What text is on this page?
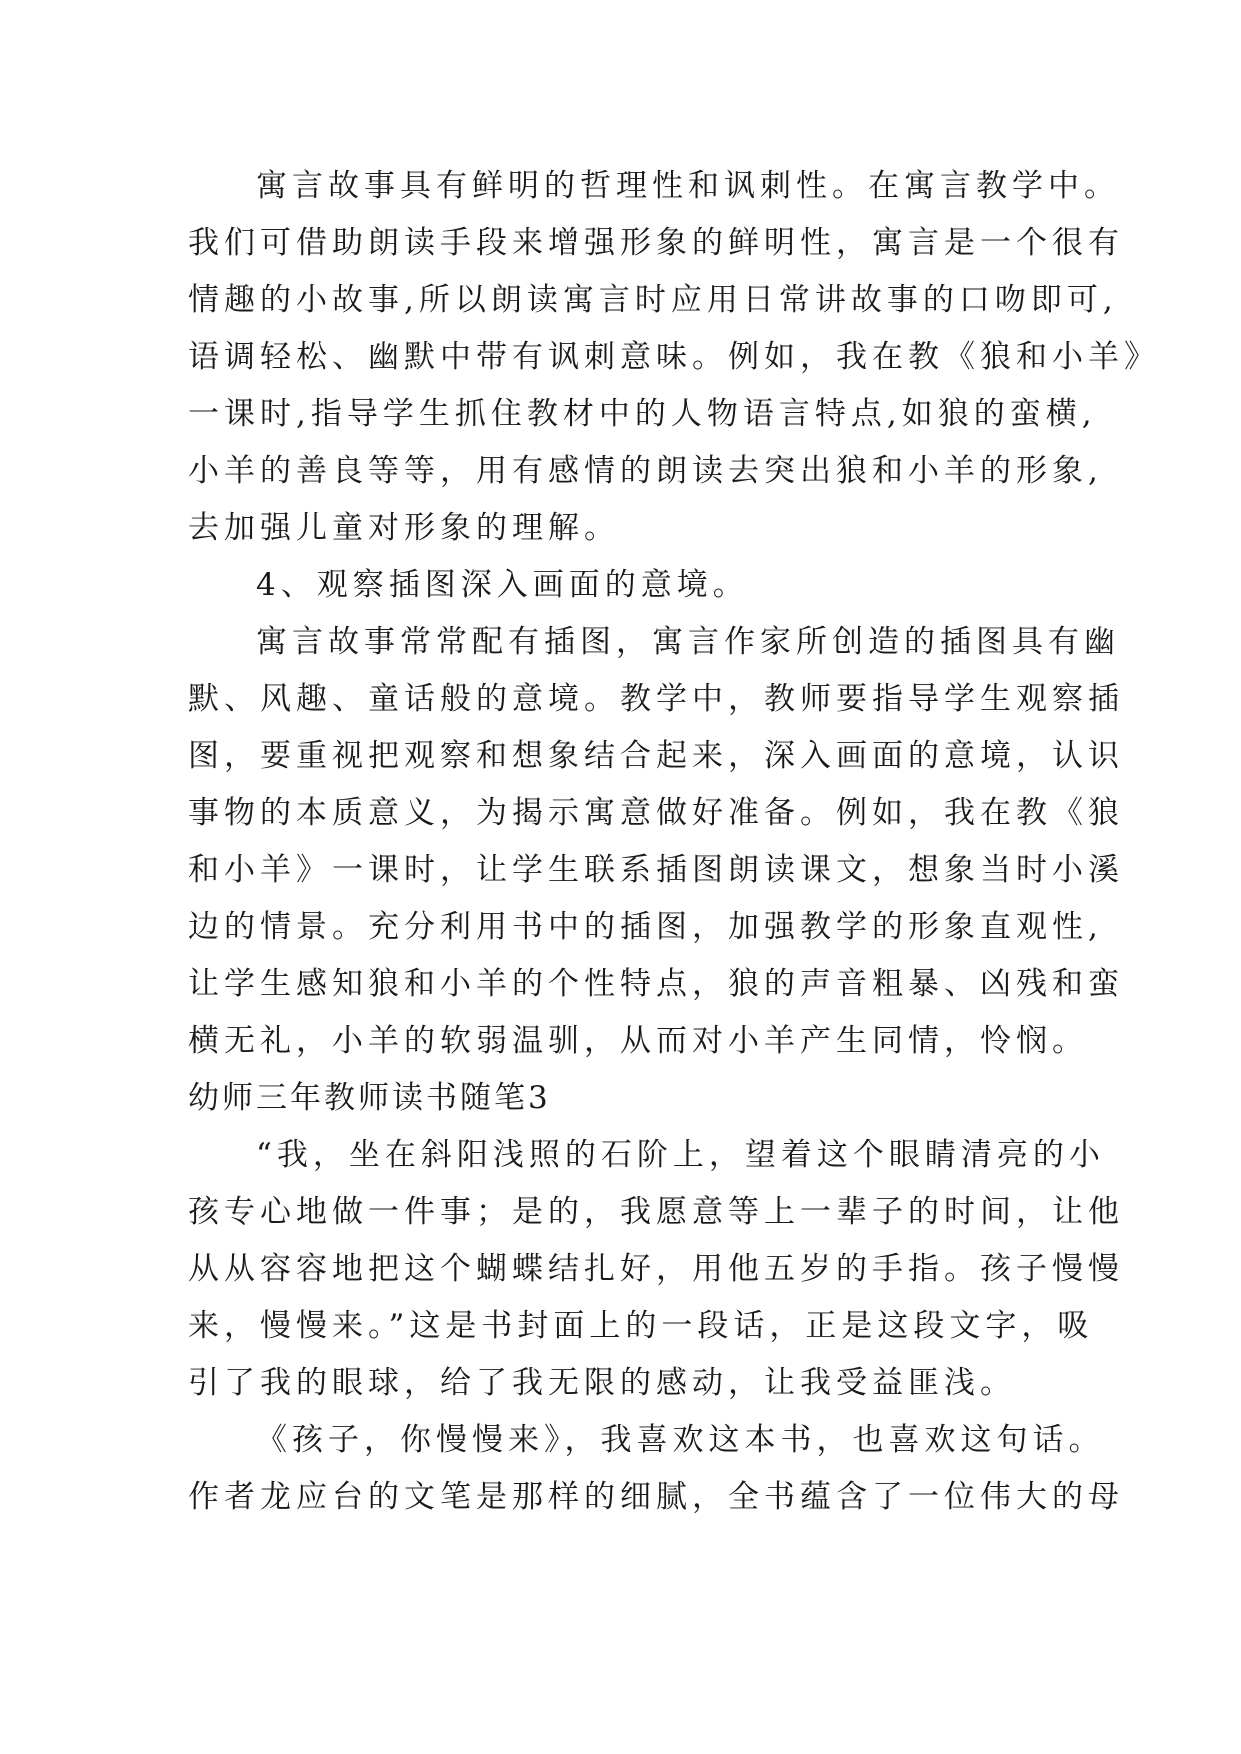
寓言故事具有鲜明的哲理性和讽刺性。在寓言教学中。
我们可借助朗读手段来增强形象的鲜明性，寓言是一个很有
情趣的小故事,所以朗读寓言时应用日常讲故事的口吻即可,
语调轻松、幽默中带有讽刺意味。例如，我在教《狼和小羊》
一课时,指导学生抓住教材中的人物语言特点,如狼的蛮横,
小羊的善良等等，用有感情的朗读去突出狼和小羊的形象,
去加强儿童对形象的理解。
4、观察插图深入画面的意境。
寓言故事常常配有插图，寓言作家所创造的插图具有幽
默、风趣、童话般的意境。教学中，教师要指导学生观察插
图，要重视把观察和想象结合起来，深入画面的意境，认识
事物的本质意义，为揭示寓意做好准备。例如，我在教《狼
和小羊》一课时，让学生联系插图朗读课文，想象当时小溪
边的情景。充分利用书中的插图，加强教学的形象直观性,
让学生感知狼和小羊的个性特点，狼的声音粗暴、凶残和蛮
横无礼，小羊的软弱温驯，从而对小羊产生同情，怜悯。
幼师三年教师读书随笔3
“我，坐在斜阳浅照的石阶上，望着这个眼睛清亮的小
孩专心地做一件事；是的，我愿意等上一辈子的时间，让他
从从容容地把这个蝴蝶结扎好，用他五岁的手指。孩子慢慢
来，慢慢来。”这是书封面上的一段话，正是这段文字，吸
引了我的眼球，给了我无限的感动，让我受益匪浅。
《孩子，你慢慢来》，我喜欢这本书，也喜欢这句话。
作者龙应台的文笔是那样的细腻，全书蕴含了一位伟大的母
